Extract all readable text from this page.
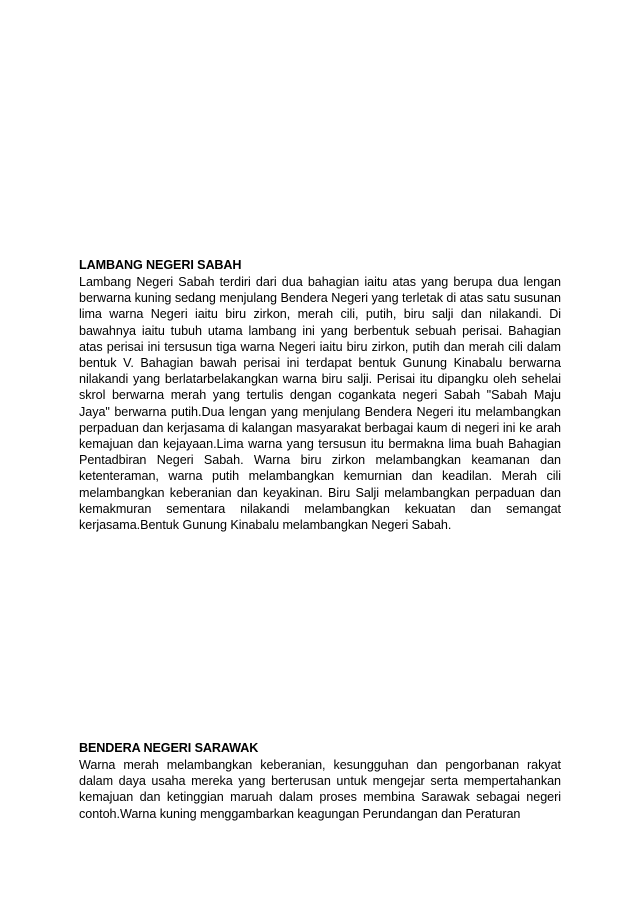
LAMBANG NEGERI SABAH

Lambang Negeri Sabah terdiri dari dua bahagian iaitu atas yang berupa dua lengan berwarna kuning sedang menjulang Bendera Negeri yang terletak di atas satu susunan lima warna Negeri iaitu biru zirkon, merah cili, putih, biru salji dan nilakandi. Di bawahnya iaitu tubuh utama lambang ini yang berbentuk sebuah perisai. Bahagian atas perisai ini tersusun tiga warna Negeri iaitu biru zirkon, putih dan merah cili dalam bentuk V. Bahagian bawah perisai ini terdapat bentuk Gunung Kinabalu berwarna nilakandi yang berlatarbelakangkan warna biru salji. Perisai itu dipangku oleh sehelai skrol berwarna merah yang tertulis dengan cogankata negeri Sabah "Sabah Maju Jaya" berwarna putih.Dua lengan yang menjulang Bendera Negeri itu melambangkan perpaduan dan kerjasama di kalangan masyarakat berbagai kaum di negeri ini ke arah kemajuan dan kejayaan.Lima warna yang tersusun itu bermakna lima buah Bahagian Pentadbiran Negeri Sabah. Warna biru zirkon melambangkan keamanan dan ketenteraman, warna putih melambangkan kemurnian dan keadilan. Merah cili melambangkan keberanian dan keyakinan. Biru Salji melambangkan perpaduan dan kemakmuran sementara nilakandi melambangkan kekuatan dan semangat kerjasama.Bentuk Gunung Kinabalu melambangkan Negeri Sabah.

BENDERA NEGERI SARAWAK

Warna merah melambangkan keberanian, kesungguhan dan pengorbanan rakyat dalam daya usaha mereka yang berterusan untuk mengejar serta mempertahankan kemajuan dan ketinggian maruah dalam proses membina Sarawak sebagai negeri contoh.Warna kuning menggambarkan keagungan Perundangan dan Peraturan
